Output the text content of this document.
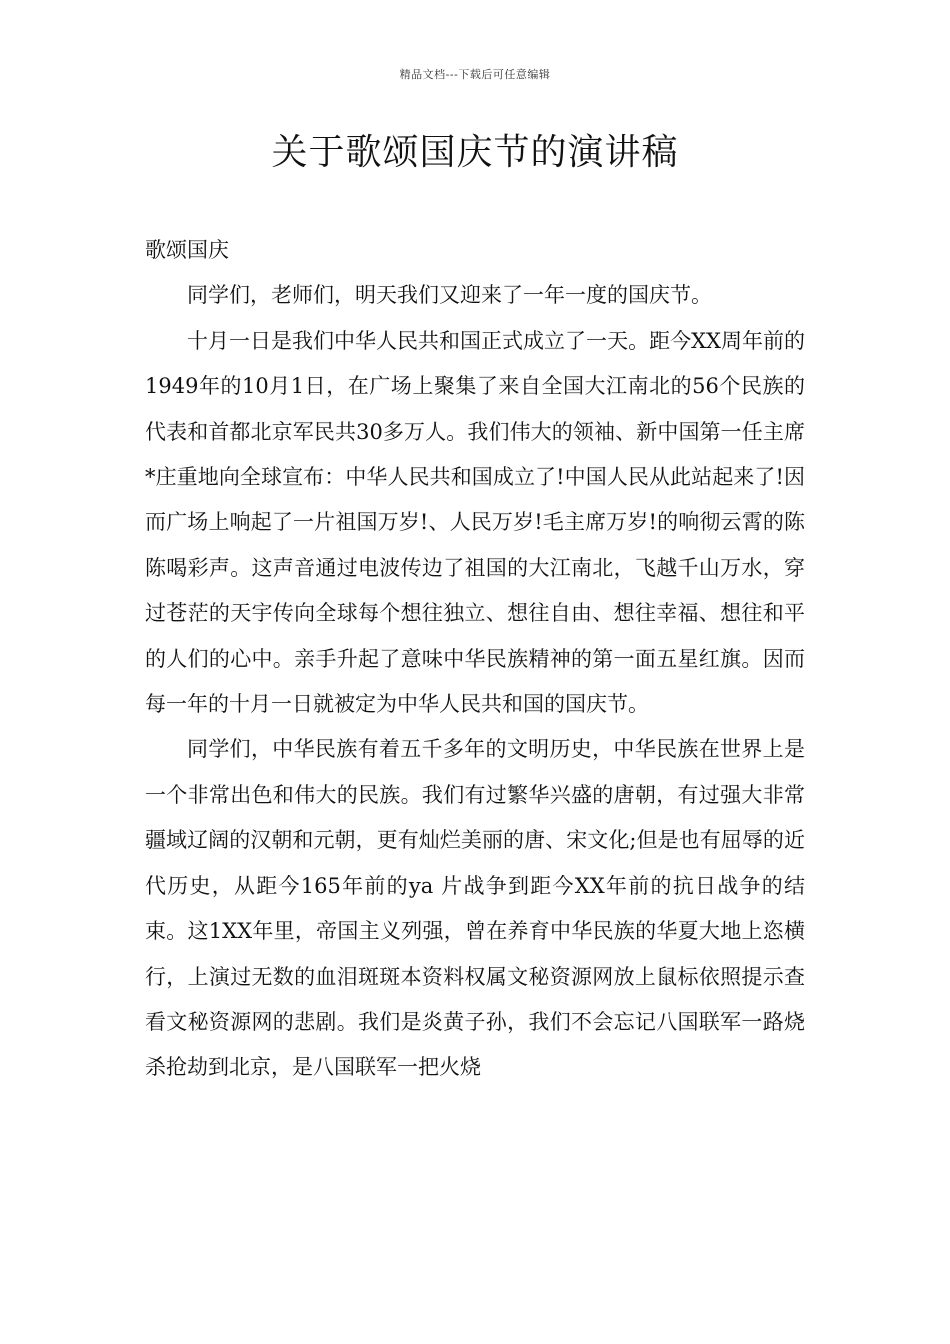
精品文档---下载后可任意编辑
关于歌颂国庆节的演讲稿

歌颂国庆

同学们，老师们，明天我们又迎来了一年一度的国庆节。

十月一日是我们中华人民共和国正式成立了一天。距今XX周年前的1949年的10月1日，在广场上聚集了来自全国大江南北的56个民族的代表和首都北京军民共30多万人。我们伟大的领袖、新中国第一任主席*庄重地向全球宣布：中华人民共和国成立了!中国人民从此站起来了!因而广场上响起了一片祖国万岁!、人民万岁!毛主席万岁!的响彻云霄的陈陈喝彩声。这声音通过电波传边了祖国的大江南北，飞越千山万水，穿过苍茫的天宇传向全球每个想往独立、想往自由、想往幸福、想往和平的人们的心中。亲手升起了意味中华民族精神的第一面五星红旗。因而每一年的十月一日就被定为中华人民共和国的国庆节。

同学们，中华民族有着五千多年的文明历史，中华民族在世界上是一个非常出色和伟大的民族。我们有过繁华兴盛的唐朝，有过强大非常疆域辽阔的汉朝和元朝，更有灿烂美丽的唐、宋文化;但是也有屈辱的近代历史，从距今165年前的ya 片战争到距今XX年前的抗日战争的结束。这1XX年里，帝国主义列强，曾在养育中华民族的华夏大地上恣横行，上演过无数的血泪斑斑本资料权属文秘资源网放上鼠标依照提示查看文秘资源网的悲剧。我们是炎黄子孙，我们不会忘记八国联军一路烧杀抢劫到北京，是八国联军一把火烧
